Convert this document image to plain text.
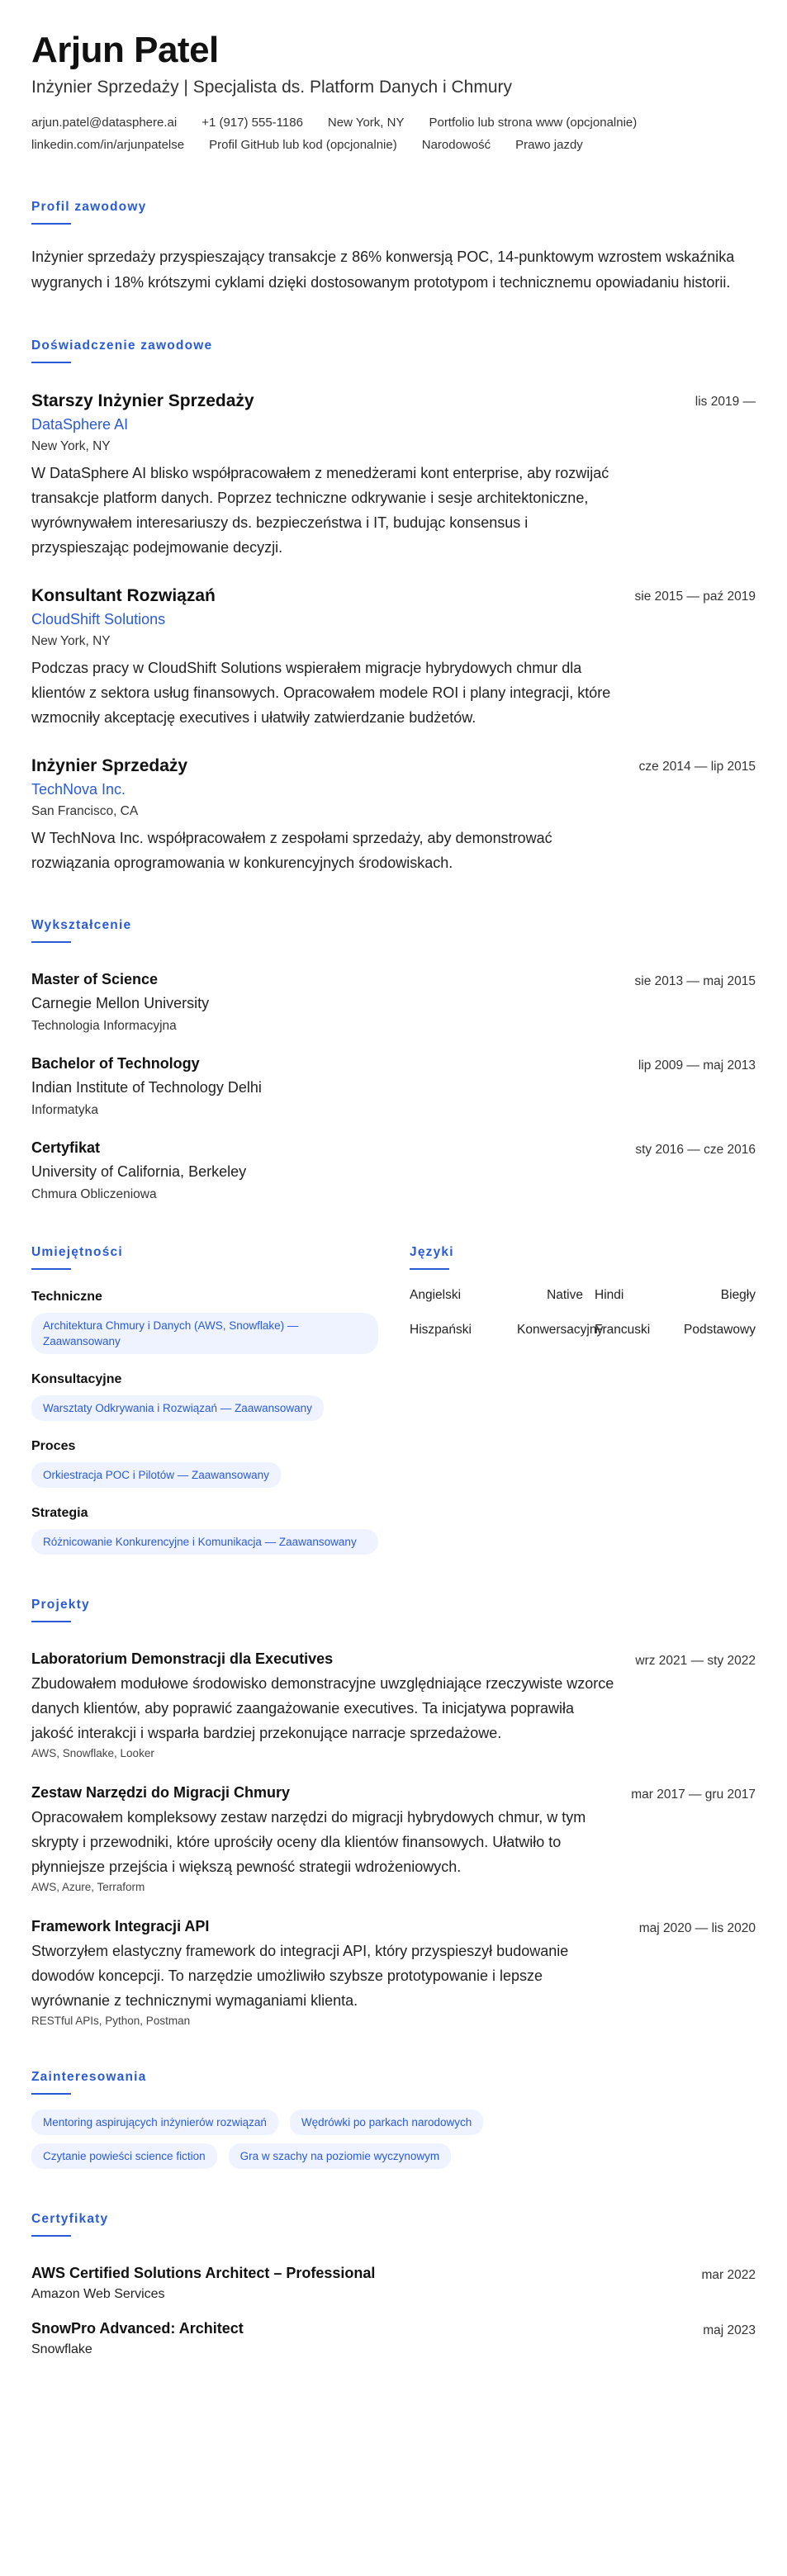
Arjun Patel
Inżynier Sprzedaży | Specjalista ds. Platform Danych i Chmury
arjun.patel@datasphere.ai +1 (917) 555-1186 New York, NY Portfolio lub strona www (opcjonalnie)
linkedin.com/in/arjunpatelse Profil GitHub lub kod (opcjonalnie) Narodowość Prawo jazdy
Profil zawodowy
Inżynier sprzedaży przyspieszający transakcje z 86% konwersją POC, 14-punktowym wzrostem wskaźnika wygranych i 18% krótszymi cyklami dzięki dostosowanym prototypom i technicznemu opowiadaniu historii.
Doświadczenie zawodowe
Starszy Inżynier Sprzedaży	lis 2019 —
DataSphere AI
New York, NY
W DataSphere AI blisko współpracowałem z menedżerami kont enterprise, aby rozwijać transakcje platform danych. Poprzez techniczne odkrywanie i sesje architektoniczne, wyrównywałem interesariuszy ds. bezpieczeństwa i IT, budując konsensus i przyspieszając podejmowanie decyzji.
Konsultant Rozwiązań	sie 2015 — paź 2019
CloudShift Solutions
New York, NY
Podczas pracy w CloudShift Solutions wspierałem migracje hybrydowych chmur dla klientów z sektora usług finansowych. Opracowałem modele ROI i plany integracji, które wzmocniły akceptację executives i ułatwiły zatwierdzanie budżetów.
Inżynier Sprzedaży	cze 2014 — lip 2015
TechNova Inc.
San Francisco, CA
W TechNova Inc. współpracowałem z zespołami sprzedaży, aby demonstrować rozwiązania oprogramowania w konkurencyjnych środowiskach.
Wykształcenie
Master of Science	sie 2013 — maj 2015
Carnegie Mellon University
Technologia Informacyjna
Bachelor of Technology	lip 2009 — maj 2013
Indian Institute of Technology Delhi
Informatyka
Certyfikat	sty 2016 — cze 2016
University of California, Berkeley
Chmura Obliczeniowa
Umiejętności
Techniczne
Architektura Chmury i Danych (AWS, Snowflake) — Zaawansowany
Konsultacyjne
Warsztaty Odkrywania i Rozwiązań — Zaawansowany
Proces
Orkiestracja POC i Pilotów — Zaawansowany
Strategia
Różnicowanie Konkurencyjne i Komunikacja — Zaawansowany
Języki
Angielski	Native Hindi	Biegły
Hiszpański	Konwersacyjny
Francuski	Podstawowy
Projekty
Laboratorium Demonstracji dla Executives	wrz 2021 — sty 2022
Zbudowałem modułowe środowisko demonstracyjne uwzględniające rzeczywiste wzorce danych klientów, aby poprawić zaangażowanie executives. Ta inicjatywa poprawiła jakość interakcji i wsparła bardziej przekonujące narracje sprzedażowe.
AWS, Snowflake, Looker
Zestaw Narzędzi do Migracji Chmury	mar 2017 — gru 2017
Opracowałem kompleksowy zestaw narzędzi do migracji hybrydowych chmur, w tym skrypty i przewodniki, które uprościły oceny dla klientów finansowych. Ułatwiło to płynniejsze przejścia i większą pewność strategii wdrożeniowych.
AWS, Azure, Terraform
Framework Integracji API	maj 2020 — lis 2020
Stworzyłem elastyczny framework do integracji API, który przyspieszył budowanie dowodów koncepcji. To narzędzie umożliwiło szybsze prototypowanie i lepsze wyrównanie z technicznymi wymaganiami klienta.
RESTful APIs, Python, Postman
Zainteresowania
Mentoring aspirujących inżynierów rozwiązań	Wędrówki po parkach narodowych
Czytanie powieści science fiction	Gra w szachy na poziomie wyczynowym
Certyfikaty
AWS Certified Solutions Architect – Professional	mar 2022
Amazon Web Services
SnowPro Advanced: Architect	maj 2023
Snowflake
